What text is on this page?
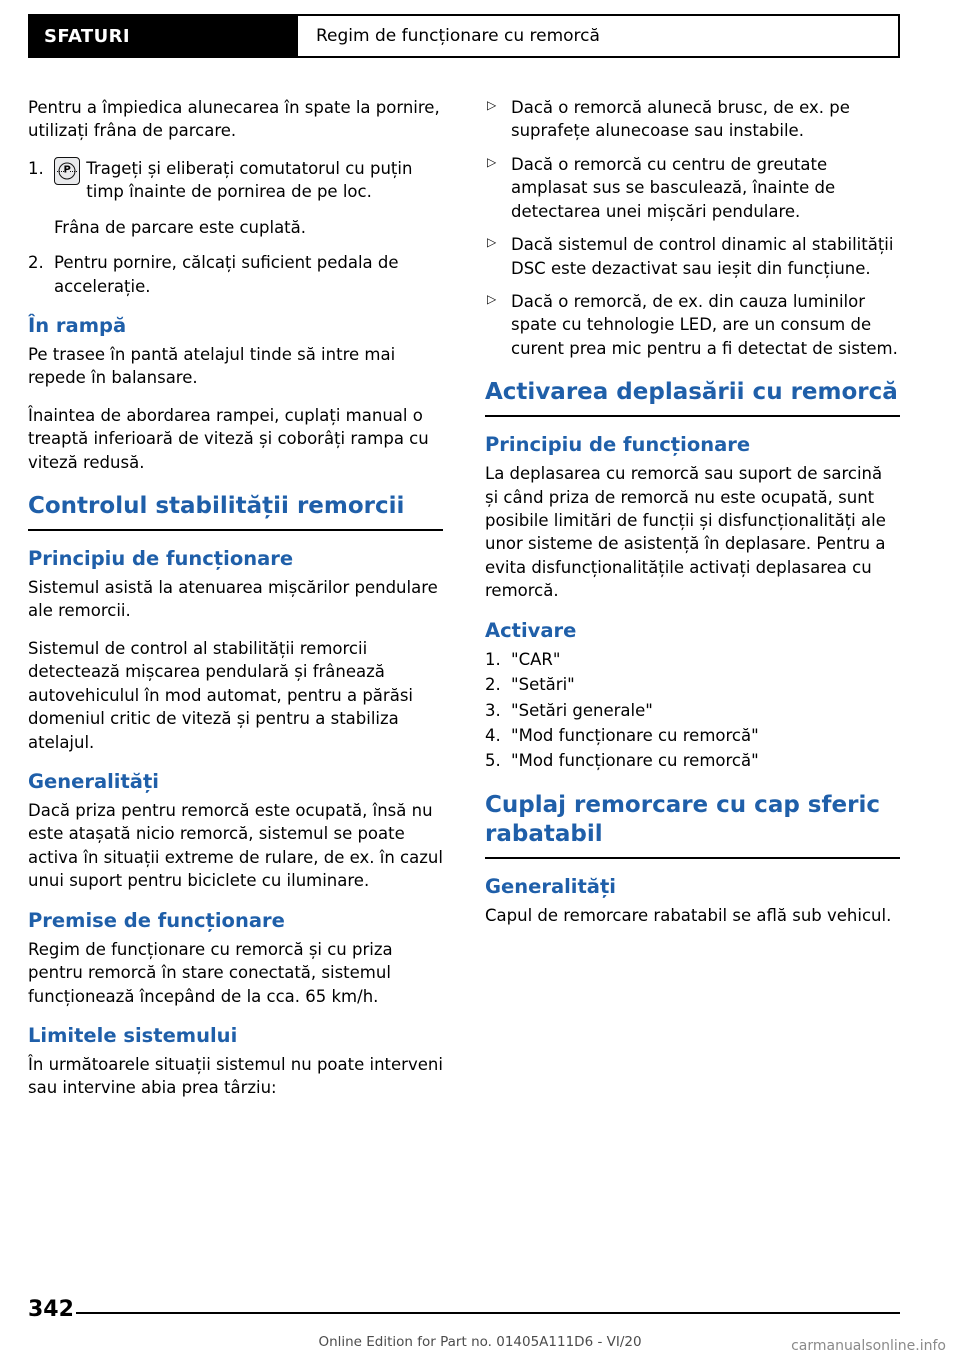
SFATURI	Regim de funcționare cu remorcă

Pentru a împiedica alunecarea în spate la pornire, utilizați frâna de parcare.

P
Trageți și eliberați comutatorul cu puțin timp înainte de pornirea de pe loc.

Frâna de parcare este cuplată.

Pentru pornire, călcați suficient pedala de accelerație.
În rampă

Pe trasee în pantă atelajul tinde să intre mai repede în balansare.

Înaintea de abordarea rampei, cuplați manual o treaptă inferioară de viteză și coborâți rampa cu viteză redusă.

Controlul stabilității remorcii
Principiu de funcționare

Sistemul asistă la atenuarea mișcărilor pendulare ale remorcii.

Sistemul de control al stabilității remorcii detectează mișcarea pendulară și frânează autovehiculul în mod automat, pentru a părăsi domeniul critic de viteză și pentru a stabiliza atelajul.

Generalități

Dacă priza pentru remorcă este ocupată, însă nu este atașată nicio remorcă, sistemul se poate activa în situații extreme de rulare, de ex. în cazul unui suport pentru biciclete cu iluminare.

Premise de funcționare

Regim de funcționare cu remorcă și cu priza pentru remorcă în stare conectată, sistemul funcționează începând de la cca. 65 km/h.

Limitele sistemului

În următoarele situații sistemul nu poate interveni sau intervine abia prea târziu:

▷ Dacă o remorcă alunecă brusc, de ex. pe suprafețe alunecoase sau instabile.
▷ Dacă o remorcă cu centru de greutate amplasat sus se basculează, înainte de detectarea unei mișcări pendulare.
▷ Dacă sistemul de control dinamic al stabilității DSC este dezactivat sau ieșit din funcțiune.
▷ Dacă o remorcă, de ex. din cauza luminilor spate cu tehnologie LED, are un consum de curent prea mic pentru a fi detectat de sistem.
Activarea deplasării cu remorcă
Principiu de funcționare

La deplasarea cu remorcă sau suport de sarcină și când priza de remorcă nu este ocupată, sunt posibile limitări de funcții și disfuncționalități ale unor sisteme de asistență în deplasare. Pentru a evita disfuncționalitățile activați deplasarea cu remorcă.

Activare
"CAR"
"Setări"
"Setări generale"
"Mod funcționare cu remorcă"
"Mod funcționare cu remorcă"
Cuplaj remorcare cu cap sferic rabatabil
Generalități

Capul de remorcare rabatabil se află sub vehicul.

342
Online Edition for Part no. 01405A111D6 - VI/20	carmanualsonline.info
